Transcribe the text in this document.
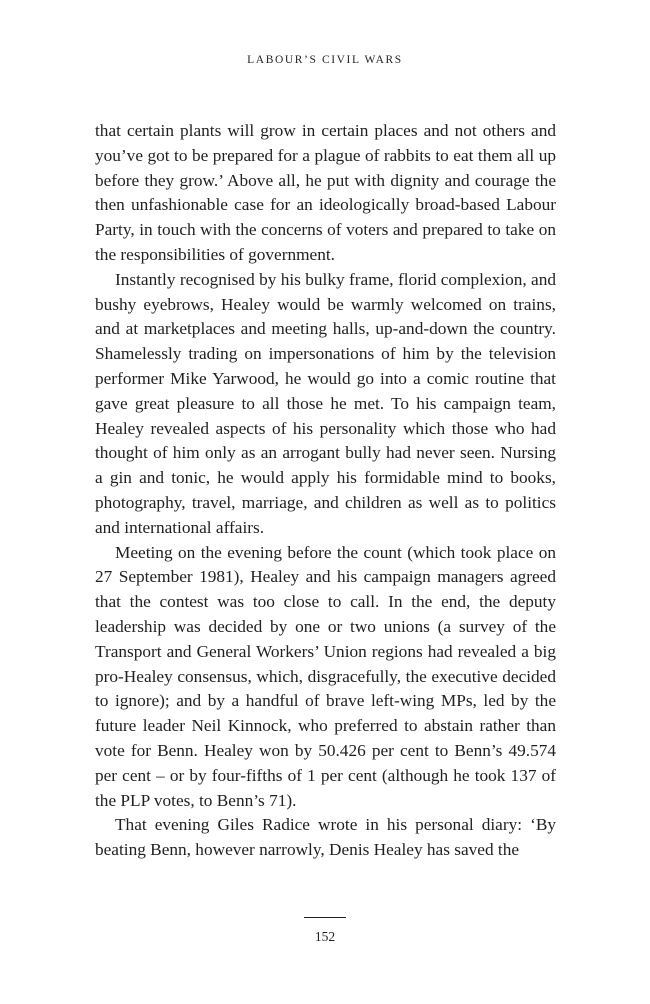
LABOUR’S CIVIL WARS

that certain plants will grow in certain places and not others and you’ve got to be prepared for a plague of rabbits to eat them all up before they grow.’ Above all, he put with dignity and courage the then unfashionable case for an ideologically broad-based Labour Party, in touch with the concerns of voters and prepared to take on the responsibilities of government.

Instantly recognised by his bulky frame, florid complexion, and bushy eyebrows, Healey would be warmly welcomed on trains, and at marketplaces and meeting halls, up-and-down the country. Shamelessly trading on impersonations of him by the television performer Mike Yarwood, he would go into a comic routine that gave great pleasure to all those he met. To his campaign team, Healey revealed aspects of his personality which those who had thought of him only as an arrogant bully had never seen. Nursing a gin and tonic, he would apply his formidable mind to books, photography, travel, marriage, and children as well as to politics and international affairs.

Meeting on the evening before the count (which took place on 27 September 1981), Healey and his campaign managers agreed that the contest was too close to call. In the end, the deputy leadership was decided by one or two unions (a survey of the Transport and General Workers’ Union regions had revealed a big pro-Healey consensus, which, disgracefully, the executive decided to ignore); and by a handful of brave left-wing MPs, led by the future leader Neil Kinnock, who preferred to abstain rather than vote for Benn. Healey won by 50.426 per cent to Benn’s 49.574 per cent – or by four-fifths of 1 per cent (although he took 137 of the PLP votes, to Benn’s 71).

That evening Giles Radice wrote in his personal diary: ‘By beating Benn, however narrowly, Denis Healey has saved the

152
